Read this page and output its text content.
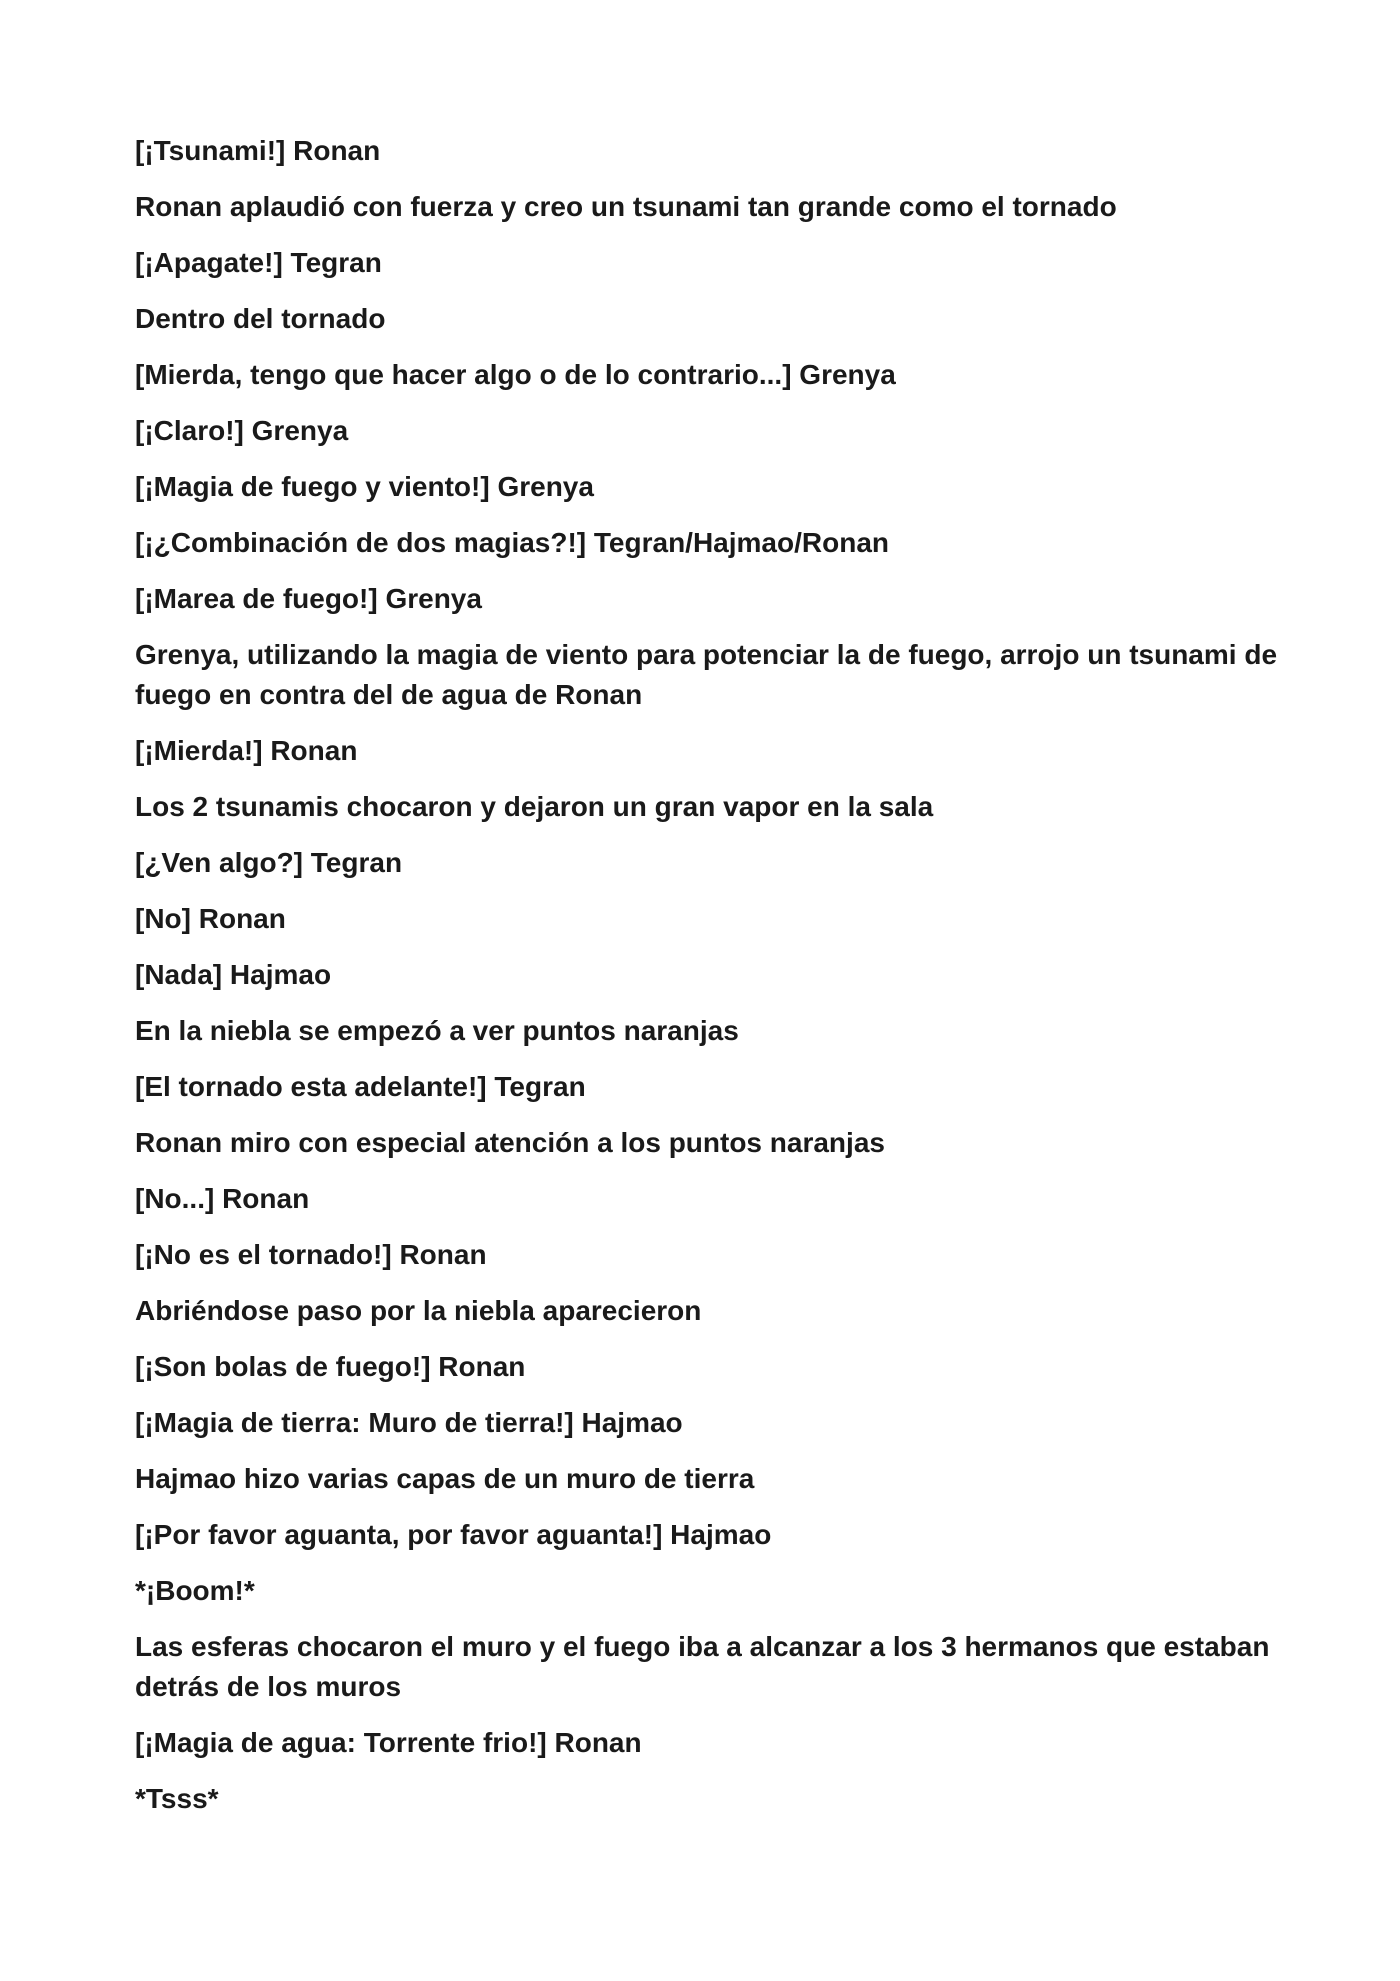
[¡Tsunami!] Ronan

Ronan aplaudió con fuerza y creo un tsunami tan grande como el tornado

[¡Apagate!] Tegran

Dentro del tornado

[Mierda, tengo que hacer algo o de lo contrario...] Grenya

[¡Claro!] Grenya

[¡Magia de fuego y viento!] Grenya

[¡¿Combinación de dos magias?!] Tegran/Hajmao/Ronan

[¡Marea de fuego!] Grenya

Grenya, utilizando la magia de viento para potenciar la de fuego, arrojo un tsunami de fuego en contra del de agua de Ronan

[¡Mierda!] Ronan

Los 2 tsunamis chocaron y dejaron un gran vapor en la sala

[¿Ven algo?] Tegran

[No] Ronan

[Nada] Hajmao

En la niebla se empezó a ver puntos naranjas

[El tornado esta adelante!] Tegran

Ronan miro con especial atención a los puntos naranjas

[No...] Ronan

[¡No es el tornado!] Ronan

Abriéndose paso por la niebla aparecieron

[¡Son bolas de fuego!] Ronan

[¡Magia de tierra: Muro de tierra!] Hajmao

Hajmao hizo varias capas de un muro de tierra

[¡Por favor aguanta, por favor aguanta!] Hajmao

*¡Boom!*

Las esferas chocaron el muro y el fuego iba a alcanzar a los 3 hermanos que estaban detrás de los muros

[¡Magia de agua: Torrente frio!] Ronan

*Tsss*
